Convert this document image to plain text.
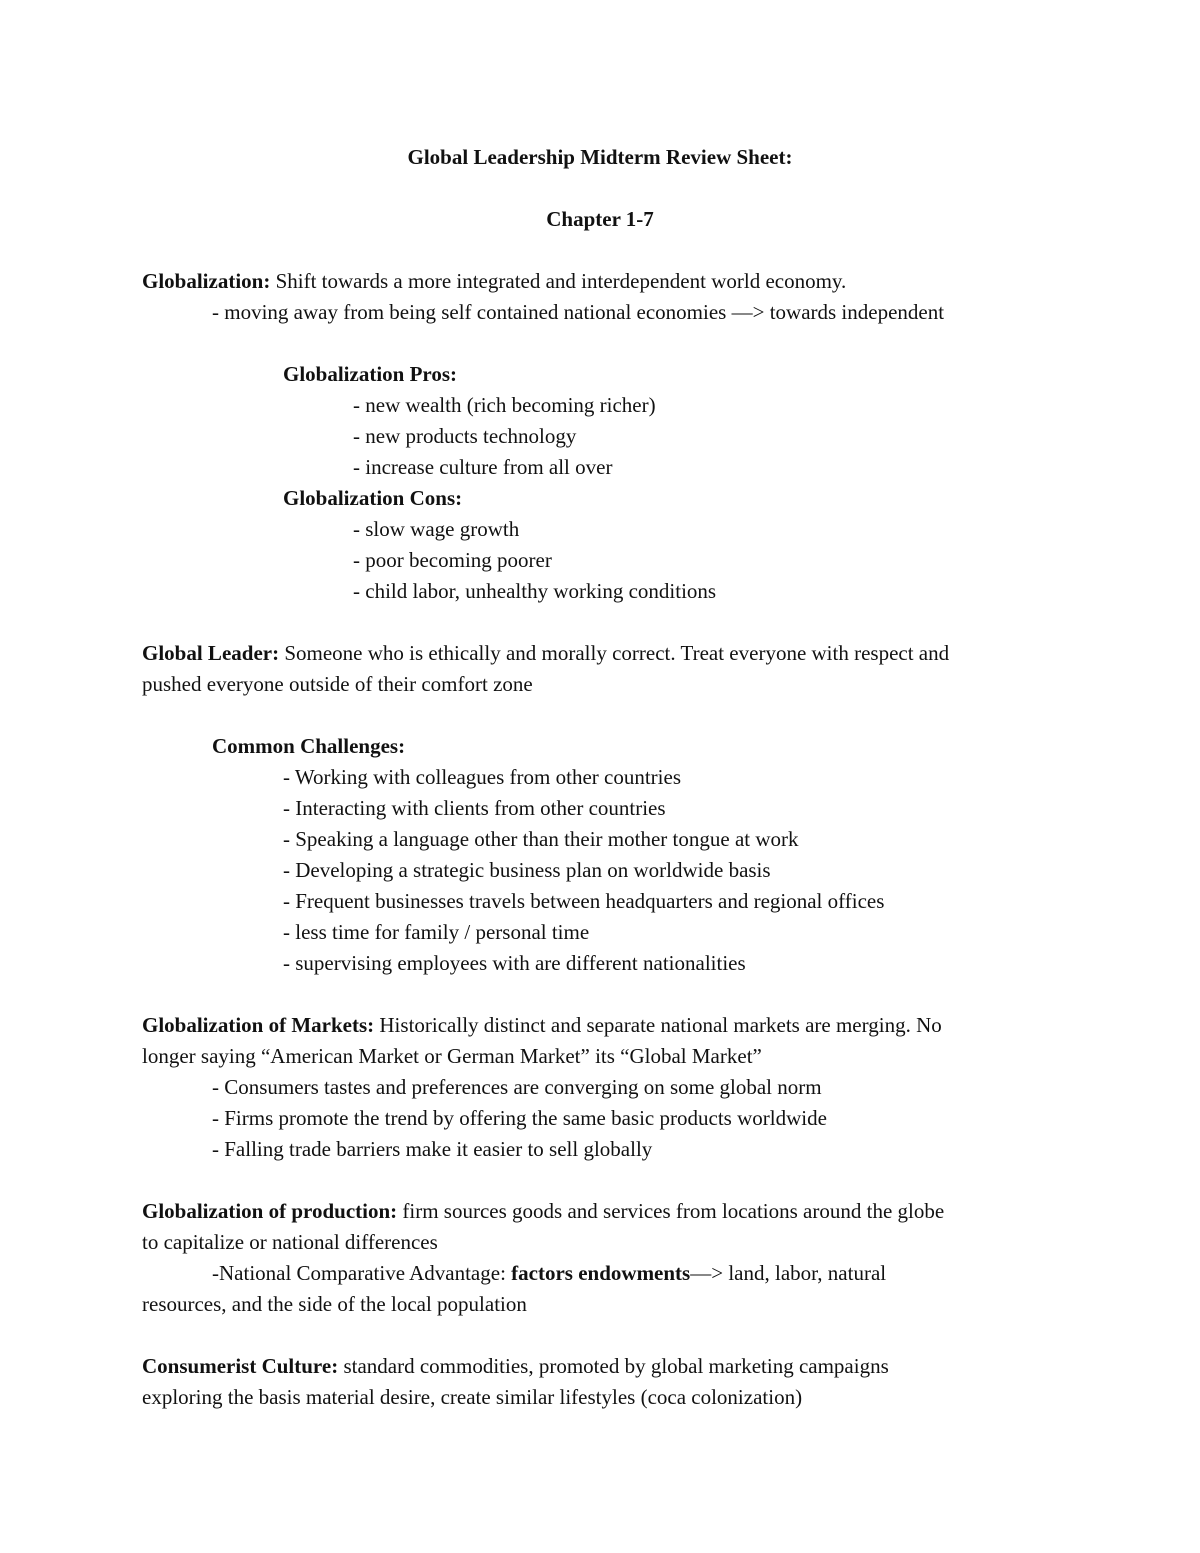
Global Leadership Midterm Review Sheet:
Chapter 1-7
Globalization: Shift towards a more integrated and interdependent world economy.
- moving away from being self contained national economies —> towards independent
Globalization Pros:
- new wealth (rich becoming richer)
- new products technology
- increase culture from all over
Globalization Cons:
- slow wage growth
- poor becoming poorer
- child labor, unhealthy working conditions
Global Leader: Someone who is ethically and morally correct. Treat everyone with respect and
pushed everyone outside of their comfort zone
Common Challenges:
- Working with colleagues from other countries
- Interacting with clients from other countries
- Speaking a language other than their mother tongue at work
- Developing a strategic business plan on worldwide basis
- Frequent businesses travels between headquarters and regional offices
- less time for family / personal time
- supervising employees with are different nationalities
Globalization of Markets: Historically distinct and separate national markets are merging. No
longer saying “American Market or German Market” its “Global Market”
- Consumers tastes and preferences are converging on some global norm
- Firms promote the trend by offering the same basic products worldwide
- Falling trade barriers make it easier to sell globally
Globalization of production: firm sources goods and services from locations around the globe
to capitalize or national differences
-National Comparative Advantage: factors endowments—> land, labor, natural
resources, and the side of the local population
Consumerist Culture: standard commodities, promoted by global marketing campaigns
exploring the basis material desire, create similar lifestyles (coca colonization)
